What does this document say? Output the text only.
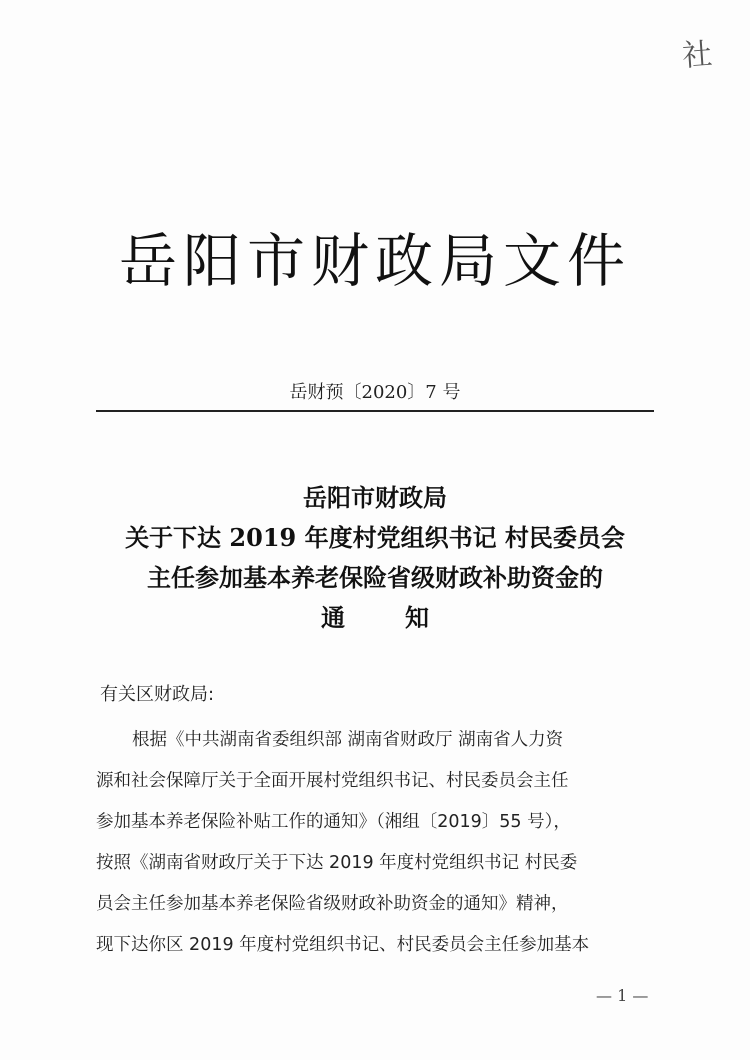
社
岳阳市财政局文件
岳财预〔2020〕7 号
岳阳市财政局
关于下达 2019 年度村党组织书记 村民委员会
主任参加基本养老保险省级财政补助资金的
通知
有关区财政局:
根据《中共湖南省委组织部 湖南省财政厅 湖南省人力资
源和社会保障厅关于全面开展村党组织书记、村民委员会主任
参加基本养老保险补贴工作的通知》（湘组〔2019〕55 号），
按照《湖南省财政厅关于下达 2019 年度村党组织书记 村民委
员会主任参加基本养老保险省级财政补助资金的通知》精神，
现下达你区 2019 年度村党组织书记、村民委员会主任参加基本
— 1 —
